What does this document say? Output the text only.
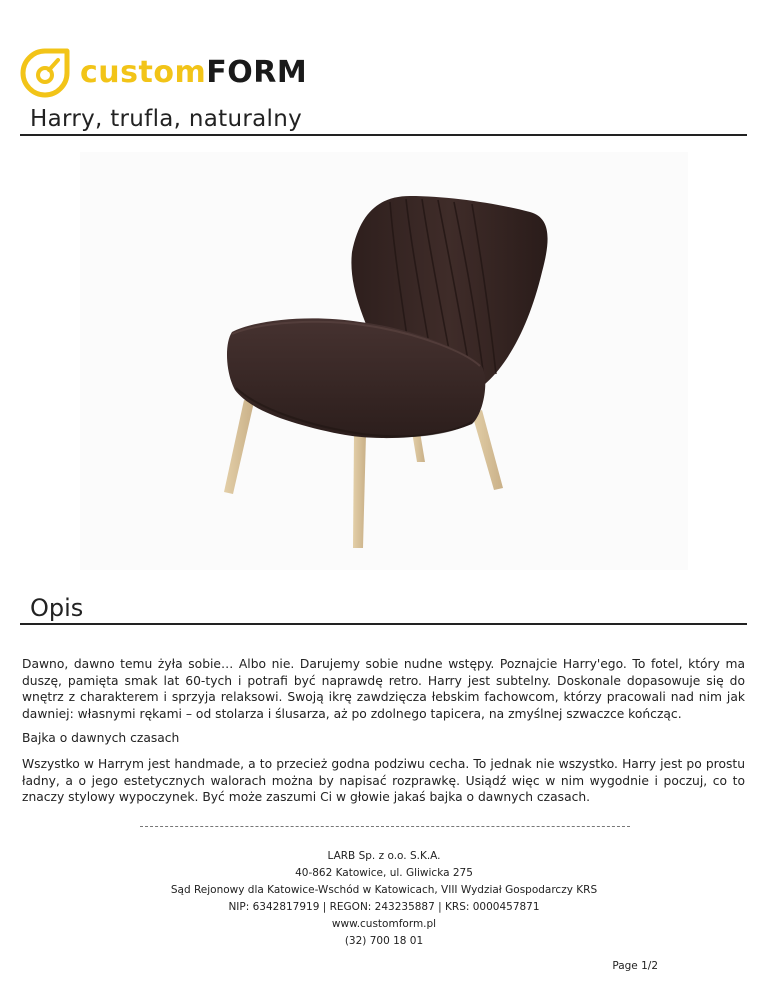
customFORM
Harry, trufla, naturalny
Opis

Dawno, dawno temu żyła sobie… Albo nie. Darujemy sobie nudne wstępy. Poznajcie Harry'ego. To fotel, który ma duszę, pamięta smak lat 60-tych i potrafi być naprawdę retro. Harry jest subtelny. Doskonale dopasowuje się do wnętrz z charakterem i sprzyja relaksowi. Swoją ikrę zawdzięcza łebskim fachowcom, którzy pracowali nad nim jak dawniej: własnymi rękami – od stolarza i ślusarza, aż po zdolnego tapicera, na zmyślnej szwaczce kończąc.

Bajka o dawnych czasach

Wszystko w Harrym jest handmade, a to przecież godna podziwu cecha. To jednak nie wszystko. Harry jest po prostu ładny, a o jego estetycznych walorach można by napisać rozprawkę. Usiądź więc w nim wygodnie i poczuj, co to znaczy stylowy wypoczynek. Być może zaszumi Ci w głowie jakaś bajka o dawnych czasach.

LARB Sp. z o.o. S.K.A.
40-862 Katowice, ul. Gliwicka 275
Sąd Rejonowy dla Katowice-Wschód w Katowicach, VIII Wydział Gospodarczy KRS
NIP: 6342817919 | REGON: 243235887 | KRS: 0000457871
www.customform.pl
(32) 700 18 01
Page 1/2
